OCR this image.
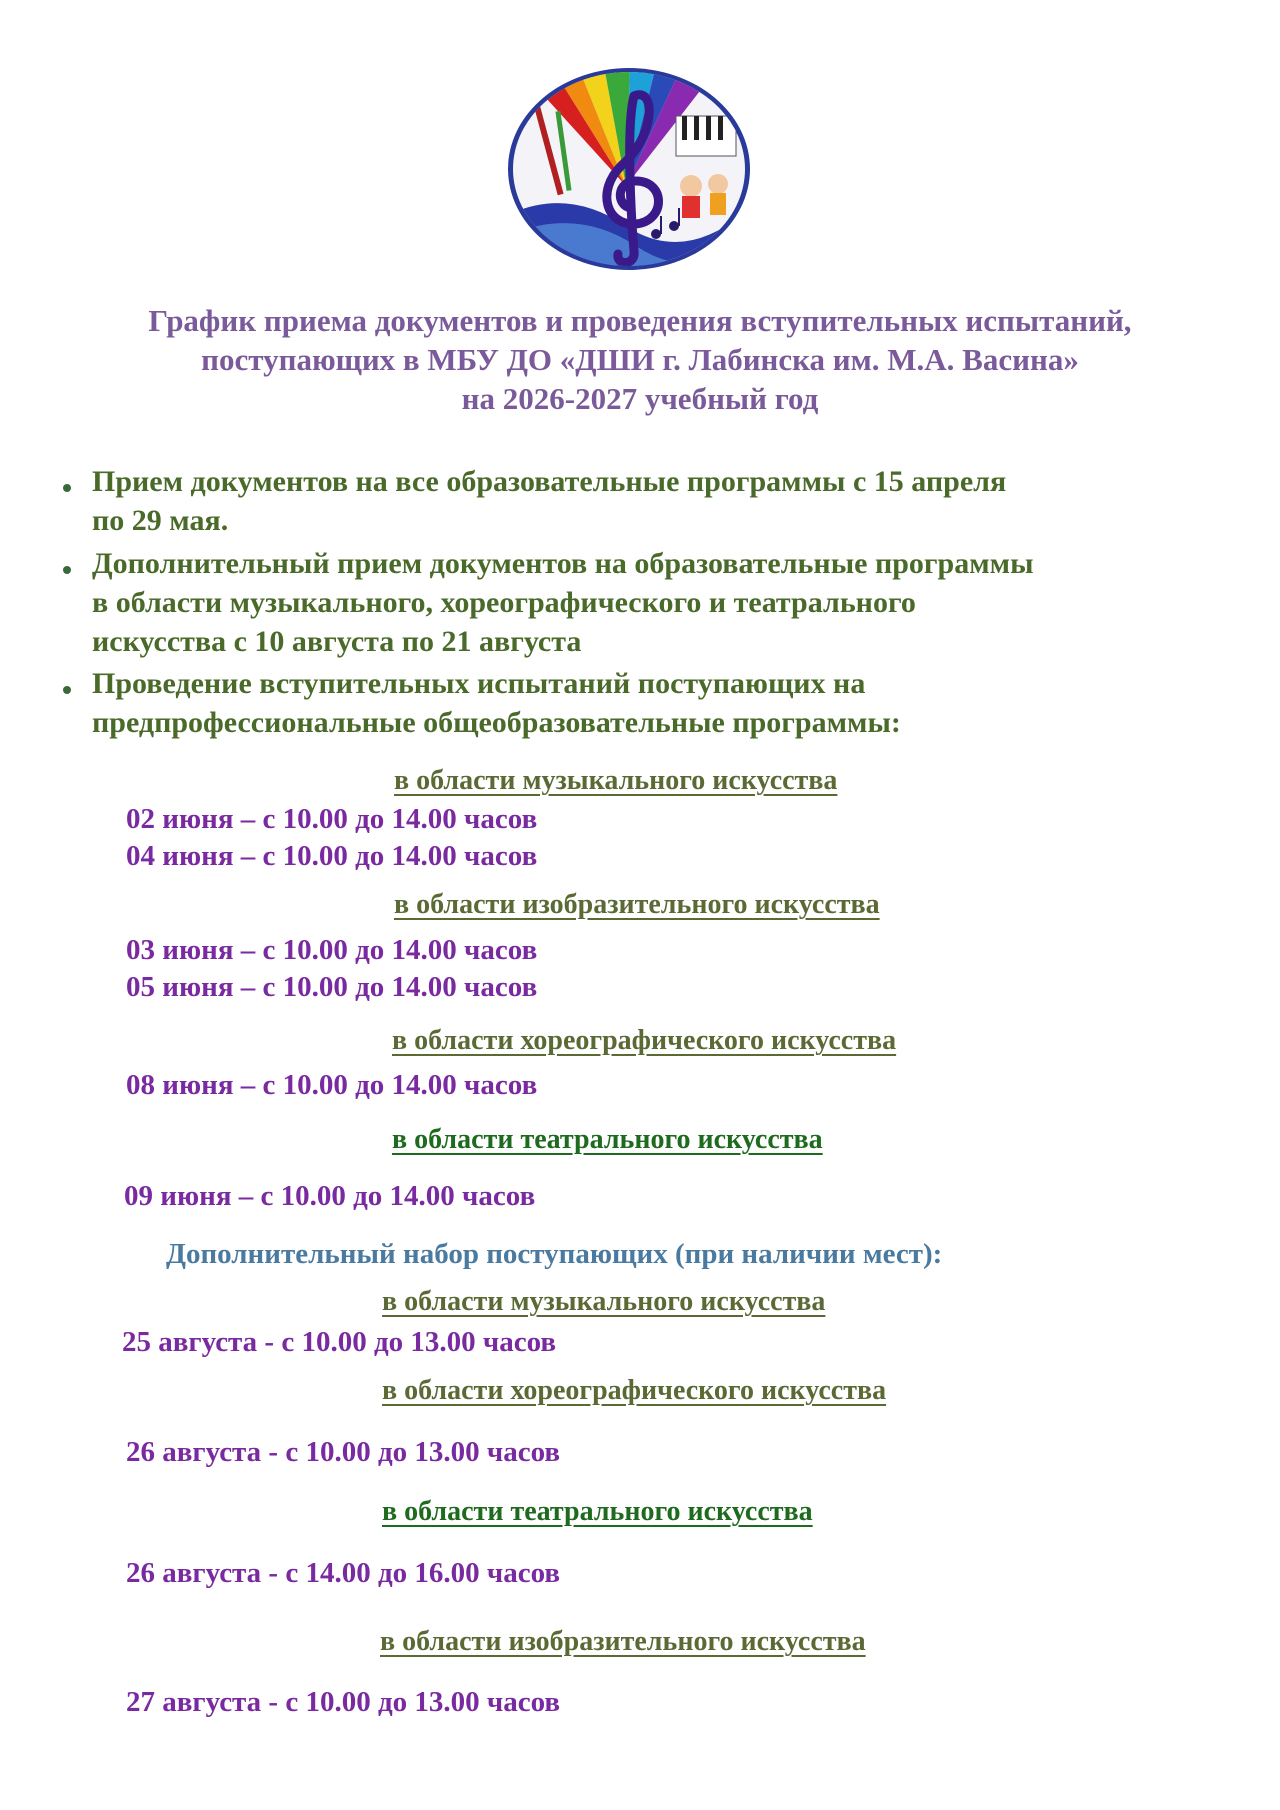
График приема документов и проведения вступительных испытаний,
поступающих в МБУ ДО «ДШИ г. Лабинска им. М.А. Васина»
на 2026-2027 учебный год
Прием документов на все образовательные программы с 15 апреля
по 29 мая.
Дополнительный прием документов на образовательные программы
в области музыкального, хореографического и театрального
искусства с 10 августа по 21 августа
Проведение вступительных испытаний поступающих на
предпрофессиональные общеобразовательные программы:
в области музыкального искусства
02 июня – с 10.00 до 14.00 часов
04 июня – с 10.00 до 14.00 часов
в области изобразительного искусства
03 июня – с 10.00 до 14.00 часов
05 июня – с 10.00 до 14.00 часов
в области хореографического искусства
08 июня – с 10.00 до 14.00 часов
в области театрального искусства
09 июня – с 10.00 до 14.00 часов
Дополнительный набор поступающих (при наличии мест):
в области музыкального искусства
25 августа - с 10.00 до 13.00 часов
в области хореографического искусства
26 августа - с 10.00 до 13.00 часов
в области театрального искусства
26 августа - с 14.00 до 16.00 часов
в области изобразительного искусства
27 августа - с 10.00 до 13.00 часов
